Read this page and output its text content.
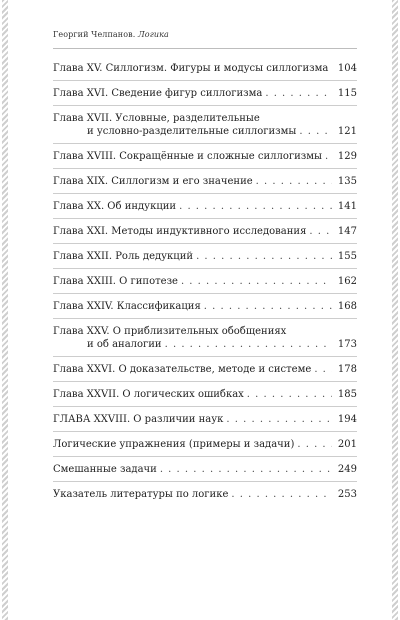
Георгий Челпанов. Логика
Глава XV. Силлогизм. Фигуры и модусы силлогизма . . . 104
Глава XVI. Сведение фигур силлогизма . . .	115
Глава XVII. Условные, разделительные
и условно-разделительные силлогизмы . . .	121
Глава XVIII. Сокращённые и сложные силлогизмы . . . 129
Глава XIX. Силлогизм и его значение . . .	135
Глава XX. Об индукции . . .	141
Глава XXI. Методы индуктивного исследования . . .	147
Глава XXII. Роль дедукций . . .	155
Глава XXIII. О гипотезе . . .	162
Глава XXIV. Классификация . . .	168
Глава XXV. О приблизительных обобщениях
и об аналогии . . .	173
Глава XXVI. О доказательстве, методе и системе . . .	178
Глава XXVII. О логических ошибках . . .	185
ГЛАВА XXVIII. О различии наук . . .	194
Логические упражнения (примеры и задачи) . . .	201
Смешанные задачи . . .	249
Указатель литературы по логике . . .	253
